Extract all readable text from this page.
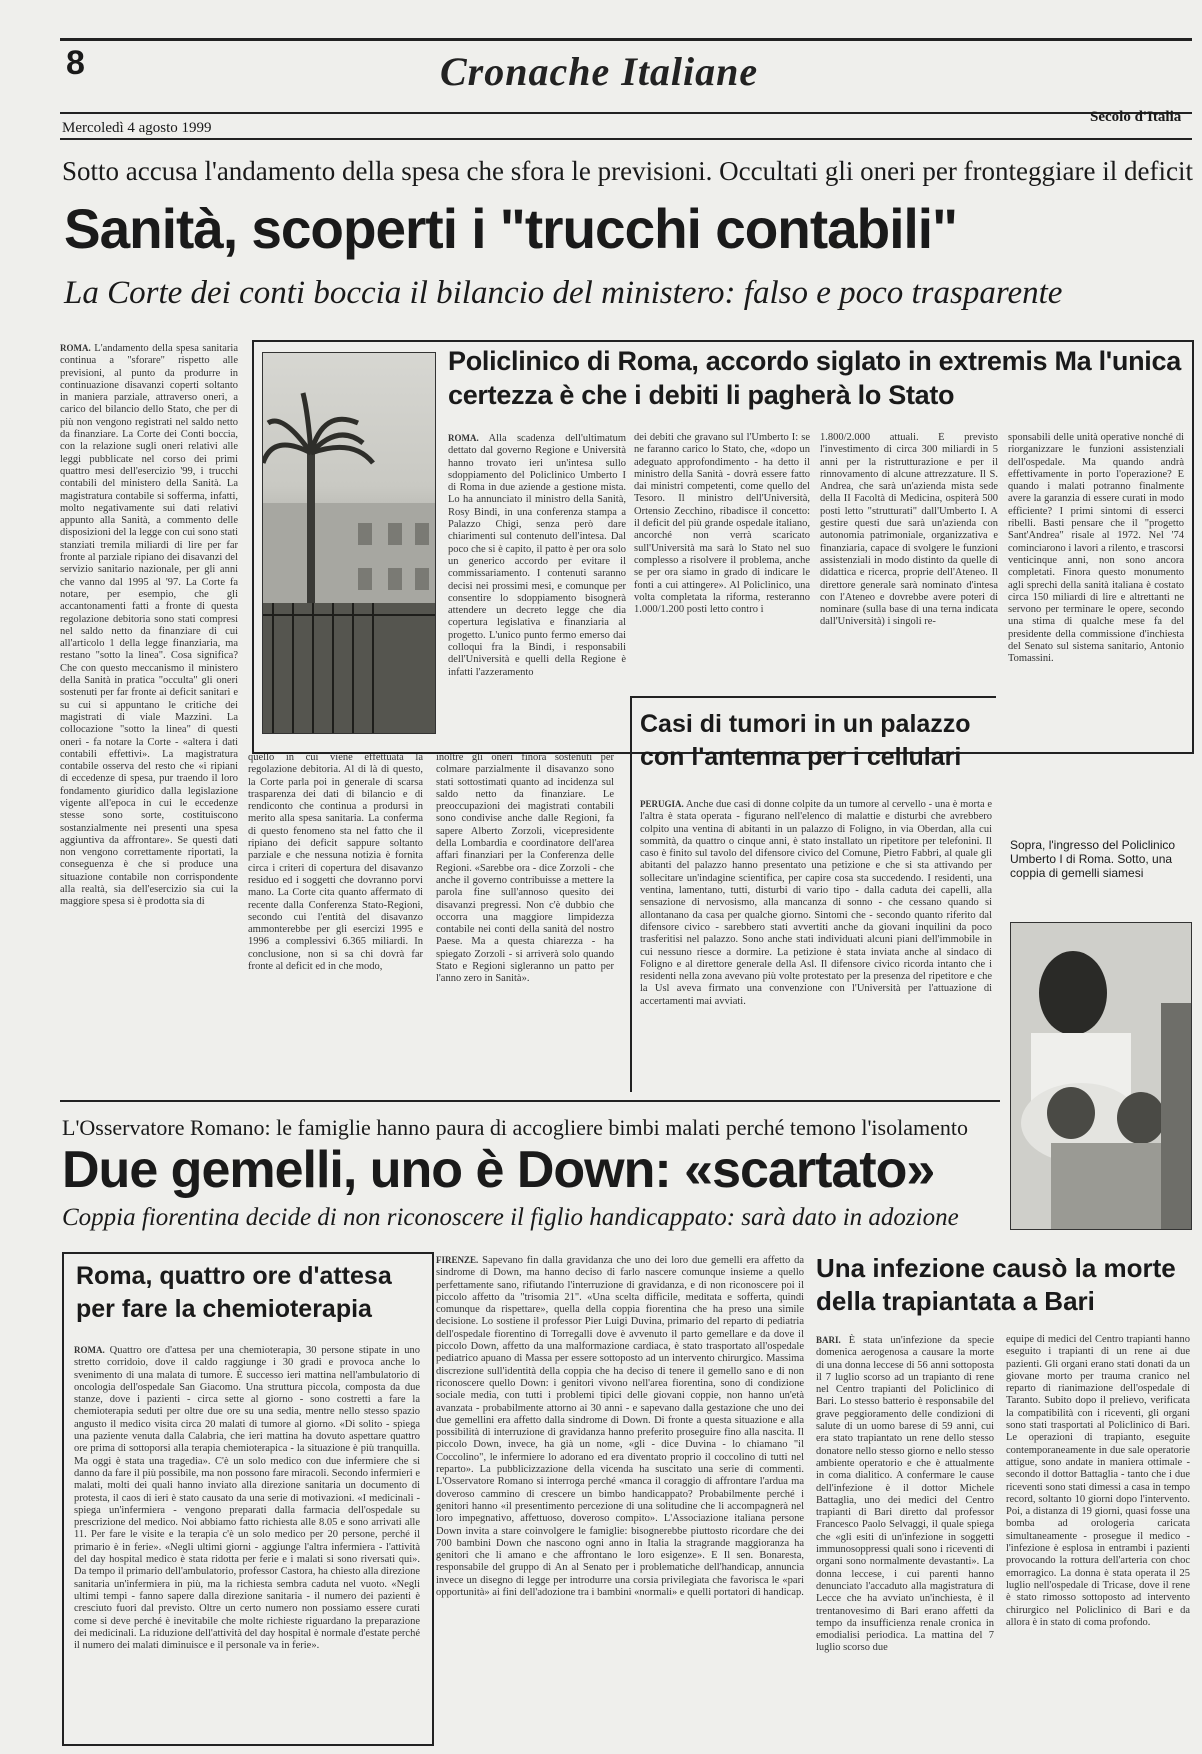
8	Cronache Italiane
Mercoledì 4 agosto 1999
Secolo d'Italia
Sotto accusa l'andamento della spesa che sfora le previsioni. Occultati gli oneri per fronteggiare il deficit
Sanità, scoperti i "trucchi contabili"
La Corte dei conti boccia il bilancio del ministero: falso e poco trasparente
ROMA. L'andamento della spesa sanitaria continua a "sforare" rispetto alle previsioni, al punto da produrre in continuazione disavanzi coperti soltanto in maniera parziale, attraverso oneri, a carico del bilancio dello Stato, che per di più non vengono registrati nel saldo netto da finanziare. La Corte dei Conti boccia, con la relazione sugli oneri relativi alle leggi pubblicate nel corso dei primi quattro mesi dell'esercizio '99, i trucchi contabili del ministero della Sanità. La magistratura contabile si sofferma, infatti, molto negativamente sui dati relativi appunto alla Sanità, a commento delle disposizioni del la legge con cui sono stati stanziati tremila miliardi di lire per far fronte al parziale ripiano dei disavanzi del servizio sanitario nazionale, per gli anni che vanno dal 1995 al '97. La Corte fa notare, per esempio, che gli accantonamenti fatti a fronte di questa regolazione debitoria sono stati compresi nel saldo netto da finanziare di cui all'articolo 1 della legge finanziaria, ma restano "sotto la linea". Cosa significa? Che con questo meccanismo il ministero della Sanità in pratica "occulta" gli oneri sostenuti per far fronte ai deficit sanitari e su cui si appuntano le critiche dei magistrati di viale Mazzini. La collocazione "sotto la linea" di questi oneri - fa notare la Corte - «altera i dati contabili effettivi». La magistratura contabile osserva del resto che «i ripiani di eccedenze di spesa, pur traendo il loro fondamento giuridico dalla legislazione vigente all'epoca in cui le eccedenze stesse sono sorte, costituiscono sostanzialmente nei presenti una spesa aggiuntiva da affrontare». Se questi dati non vengono correttamente riportati, la conseguenza è che si produce una situazione contabile non corrispondente alla realtà, sia dell'esercizio sia cui la maggiore spesa si è prodotta sia di
quello in cui viene effettuata la regolazione debitoria. Al di là di questo, la Corte parla poi in generale di scarsa trasparenza dei dati di bilancio e di rendiconto che continua a prodursi in merito alla spesa sanitaria. La conferma di questo fenomeno sta nel fatto che il ripiano dei deficit sappure soltanto parziale e che nessuna notizia è fornita circa i criteri di copertura del disavanzo residuo ed i soggetti che dovranno porvi mano. La Corte cita quanto affermato di recente dalla Conferenza Stato-Regioni, secondo cui l'entità del disavanzo ammonterebbe per gli esercizi 1995 e 1996 a complessivi 6.365 miliardi. In conclusione, non si sa chi dovrà far fronte al deficit ed in che modo,
inoltre gli oneri finora sostenuti per colmare parzialmente il disavanzo sono stati sottostimati quanto ad incidenza sul saldo netto da finanziare. Le preoccupazioni dei magistrati contabili sono condivise anche dalle Regioni, fa sapere Alberto Zorzoli, vicepresidente della Lombardia e coordinatore dell'area affari finanziari per la Conferenza delle Regioni. «Sarebbe ora - dice Zorzoli - che anche il governo contribuisse a mettere la parola fine sull'annoso quesito dei disavanzi pregressi. Non c'è dubbio che occorra una maggiore limpidezza contabile nei conti della sanità del nostro Paese. Ma a questa chiarezza - ha spiegato Zorzoli - si arriverà solo quando Stato e Regioni sigleranno un patto per l'anno zero in Sanità».
Policlinico di Roma, accordo siglato in extremis Ma l'unica certezza è che i debiti li pagherà lo Stato
ROMA. Alla scadenza dell'ultimatum dettato dal governo Regione e Università hanno trovato ieri un'intesa sullo sdoppiamento del Policlinico Umberto I di Roma in due aziende a gestione mista. Lo ha annunciato il ministro della Sanità, Rosy Bindi, in una conferenza stampa a Palazzo Chigi, senza però dare chiarimenti sul contenuto dell'intesa. Dal poco che si è capito, il patto è per ora solo un generico accordo per evitare il commissariamento. I contenuti saranno decisi nei prossimi mesi, e comunque per consentire lo sdoppiamento bisognerà attendere un decreto legge che dia copertura legislativa e finanziaria al progetto. L'unico punto fermo emerso dai colloqui fra la Bindi, i responsabili dell'Università e quelli della Regione è infatti l'azzeramento
dei debiti che gravano sul l'Umberto I: se ne faranno carico lo Stato, che, «dopo un adeguato approfondimento - ha detto il ministro della Sanità - dovrà essere fatto dai ministri competenti, come quello del Tesoro. Il ministro dell'Università, Ortensio Zecchino, ribadisce il concetto: il deficit del più grande ospedale italiano, ancorché non verrà scaricato sull'Università ma sarà lo Stato nel suo complesso a risolvere il problema, anche se per ora siamo in grado di indicare le fonti a cui attingere». Al Policlinico, una volta completata la riforma, resteranno 1.000/1.200 posti letto contro i
1.800/2.000 attuali. È previsto l'investimento di circa 300 miliardi in 5 anni per la ristrutturazione e per il rinnovamento di alcune attrezzature. Il S. Andrea, che sarà un'azienda mista sede della II Facoltà di Medicina, ospiterà 500 posti letto "strutturati" dall'Umberto I. A gestire questi due sarà un'azienda con autonomia patrimoniale, organizzativa e finanziaria, capace di svolgere le funzioni assistenziali in modo distinto da quelle di didattica e ricerca, proprie dell'Ateneo. Il direttore generale sarà nominato d'intesa con l'Ateneo e dovrebbe avere poteri di nominare (sulla base di una terna indicata dall'Università) i singoli re-
sponsabili delle unità operative nonché di riorganizzare le funzioni assistenziali dell'ospedale. Ma quando andrà effettivamente in porto l'operazione? E quando i malati potranno finalmente avere la garanzia di essere curati in modo efficiente? I primi sintomi di esserci ribelli. Basti pensare che il "progetto Sant'Andrea" risale al 1972. Nel '74 cominciarono i lavori a rilento, e trascorsi venticinque anni, non sono ancora completati. Finora questo monumento agli sprechi della sanità italiana è costato circa 150 miliardi di lire e altrettanti ne servono per terminare le opere, secondo una stima di qualche mese fa del presidente della commissione d'inchiesta del Senato sul sistema sanitario, Antonio Tomassini.
Casi di tumori in un palazzo con l'antenna per i cellulari
PERUGIA. Anche due casi di donne colpite da un tumore al cervello - una è morta e l'altra è stata operata - figurano nell'elenco di malattie e disturbi che avrebbero colpito una ventina di abitanti in un palazzo di Foligno, in via Oberdan, alla cui sommità, da quattro o cinque anni, è stato installato un ripetitore per telefonini. Il caso è finito sul tavolo del difensore civico del Comune, Pietro Fabbri, al quale gli abitanti del palazzo hanno presentato una petizione e che si sta attivando per sollecitare un'indagine scientifica, per capire cosa sta succedendo. I residenti, una ventina, lamentano, tutti, disturbi di vario tipo - dalla caduta dei capelli, alla sensazione di nervosismo, alla mancanza di sonno - che cessano quando si allontanano da casa per qualche giorno. Sintomi che - secondo quanto riferito dal difensore civico - sarebbero stati avvertiti anche da giovani inquilini da poco trasferitisi nel palazzo. Sono anche stati individuati alcuni piani dell'immobile in cui nessuno riesce a dormire. La petizione è stata inviata anche al sindaco di Foligno e al direttore generale della Asl. Il difensore civico ricorda intanto che i residenti nella zona avevano più volte protestato per la presenza del ripetitore e che la Usl aveva firmato una convenzione con l'Università per l'attuazione di accertamenti mai avviati.
Sopra, l'ingresso del Policlinico Umberto I di Roma. Sotto, una coppia di gemelli siamesi
L'Osservatore Romano: le famiglie hanno paura di accogliere bimbi malati perché temono l'isolamento
Due gemelli, uno è Down: «scartato»
Coppia fiorentina decide di non riconoscere il figlio handicappato: sarà dato in adozione
Roma, quattro ore d'attesa per fare la chemioterapia
ROMA. Quattro ore d'attesa per una chemioterapia, 30 persone stipate in uno stretto corridoio, dove il caldo raggiunge i 30 gradi e provoca anche lo svenimento di una malata di tumore. È successo ieri mattina nell'ambulatorio di oncologia dell'ospedale San Giacomo. Una struttura piccola, composta da due stanze, dove i pazienti - circa sette al giorno - sono costretti a fare la chemioterapia seduti per oltre due ore su una sedia, mentre nello stesso spazio angusto il medico visita circa 20 malati di tumore al giorno. «Di solito - spiega una paziente venuta dalla Calabria, che ieri mattina ha dovuto aspettare quattro ore prima di sottoporsi alla terapia chemioterapica - la situazione è più tranquilla. Ma oggi è stata una tragedia». C'è un solo medico con due infermiere che si danno da fare il più possibile, ma non possono fare miracoli. Secondo infermieri e malati, molti dei quali hanno inviato alla direzione sanitaria un documento di protesta, il caos di ieri è stato causato da una serie di motivazioni. «I medicinali - spiega un'infermiera - vengono preparati dalla farmacia dell'ospedale su prescrizione del medico. Noi abbiamo fatto richiesta alle 8.05 e sono arrivati alle 11. Per fare le visite e la terapia c'è un solo medico per 20 persone, perché il primario è in ferie». «Negli ultimi giorni - aggiunge l'altra infermiera - l'attività del day hospital medico è stata ridotta per ferie e i malati si sono riversati qui». Da tempo il primario dell'ambulatorio, professor Castora, ha chiesto alla direzione sanitaria un'infermiera in più, ma la richiesta sembra caduta nel vuoto. «Negli ultimi tempi - fanno sapere dalla direzione sanitaria - il numero dei pazienti è cresciuto fuori dal previsto. Oltre un certo numero non possiamo essere curati come si deve perché è inevitabile che molte richieste riguardano la preparazione dei medicinali. La riduzione dell'attività del day hospital è normale d'estate perché il numero dei malati diminuisce e il personale va in ferie».
FIRENZE. Sapevano fin dalla gravidanza che uno dei loro due gemelli era affetto da sindrome di Down, ma hanno deciso di farlo nascere comunque insieme a quello perfettamente sano, rifiutando l'interruzione di gravidanza, e di non riconoscere poi il piccolo affetto da "trisomia 21". «Una scelta difficile, meditata e sofferta, quindi comunque da rispettare», quella della coppia fiorentina che ha preso una simile decisione. Lo sostiene il professor Pier Luigi Duvina, primario del reparto di pediatria dell'ospedale fiorentino di Torregalli dove è avvenuto il parto gemellare e da dove il piccolo Down, affetto da una malformazione cardiaca, è stato trasportato all'ospedale pediatrico apuano di Massa per essere sottoposto ad un intervento chirurgico. Massima discrezione sull'identità della coppia che ha deciso di tenere il gemello sano e di non riconoscere quello Down: i genitori vivono nell'area fiorentina, sono di condizione sociale media, con tutti i problemi tipici delle giovani coppie, non hanno un'età avanzata - probabilmente attorno ai 30 anni - e sapevano dalla gestazione che uno dei due gemellini era affetto dalla sindrome di Down. Di fronte a questa situazione e alla possibilità di interruzione di gravidanza hanno preferito proseguire fino alla nascita. Il piccolo Down, invece, ha già un nome, «gli - dice Duvina - lo chiamano "il Coccolino", le infermiere lo adorano ed era diventato proprio il coccolino di tutti nel reparto». La pubblicizzazione della vicenda ha suscitato una serie di commenti. L'Osservatore Romano si interroga perché «manca il coraggio di affrontare l'ardua ma doveroso cammino di crescere un bimbo handicappato? Probabilmente perché i genitori hanno «il presentimento percezione di una solitudine che li accompagnerà nel loro impegnativo, affettuoso, doveroso compito». L'Associazione italiana persone Down invita a stare coinvolgere le famiglie: bisognerebbe piuttosto ricordare che dei 700 bambini Down che nascono ogni anno in Italia la stragrande maggioranza ha genitori che li amano e che affrontano le loro esigenze». E Il sen. Bonaresta, responsabile del gruppo di An al Senato per i problematiche dell'handicap, annuncia invece un disegno di legge per introdurre una corsia privilegiata che favorisca le «pari opportunità» ai fini dell'adozione tra i bambini «normali» e quelli portatori di handicap.
Una infezione causò la morte della trapiantata a Bari
BARI. È stata un'infezione da specie domenica aerogenosa a causare la morte di una donna leccese di 56 anni sottoposta il 7 luglio scorso ad un trapianto di rene nel Centro trapianti del Policlinico di Bari. Lo stesso batterio è responsabile del grave peggioramento delle condizioni di salute di un uomo barese di 59 anni, cui era stato trapiantato un rene dello stesso donatore nello stesso giorno e nello stesso ambiente operatorio e che è attualmente in coma dialitico. A confermare le cause dell'infezione è il dottor Michele Battaglia, uno dei medici del Centro trapianti di Bari diretto dal professor Francesco Paolo Selvaggi, il quale spiega che «gli esiti di un'infezione in soggetti immunosoppressi quali sono i riceventi di organi sono normalmente devastanti». La donna leccese, i cui parenti hanno denunciato l'accaduto alla magistratura di Lecce che ha avviato un'inchiesta, è il trentanovesimo di Bari erano affetti da tempo da insufficienza renale cronica in emodialisi periodica. La mattina del 7 luglio scorso due
equipe di medici del Centro trapianti hanno eseguito i trapianti di un rene ai due pazienti. Gli organi erano stati donati da un giovane morto per trauma cranico nel reparto di rianimazione dell'ospedale di Taranto. Subito dopo il prelievo, verificata la compatibilità con i riceventi, gli organi sono stati trasportati al Policlinico di Bari. Le operazioni di trapianto, eseguite contemporaneamente in due sale operatorie attigue, sono andate in maniera ottimale - secondo il dottor Battaglia - tanto che i due riceventi sono stati dimessi a casa in tempo record, soltanto 10 giorni dopo l'intervento. Poi, a distanza di 19 giorni, quasi fosse una bomba ad orologeria caricata simultaneamente - prosegue il medico - l'infezione è esplosa in entrambi i pazienti provocando la rottura dell'arteria con choc emorragico. La donna è stata operata il 25 luglio nell'ospedale di Tricase, dove il rene è stato rimosso sottoposto ad intervento chirurgico nel Policlinico di Bari e da allora è in stato di coma profondo.
